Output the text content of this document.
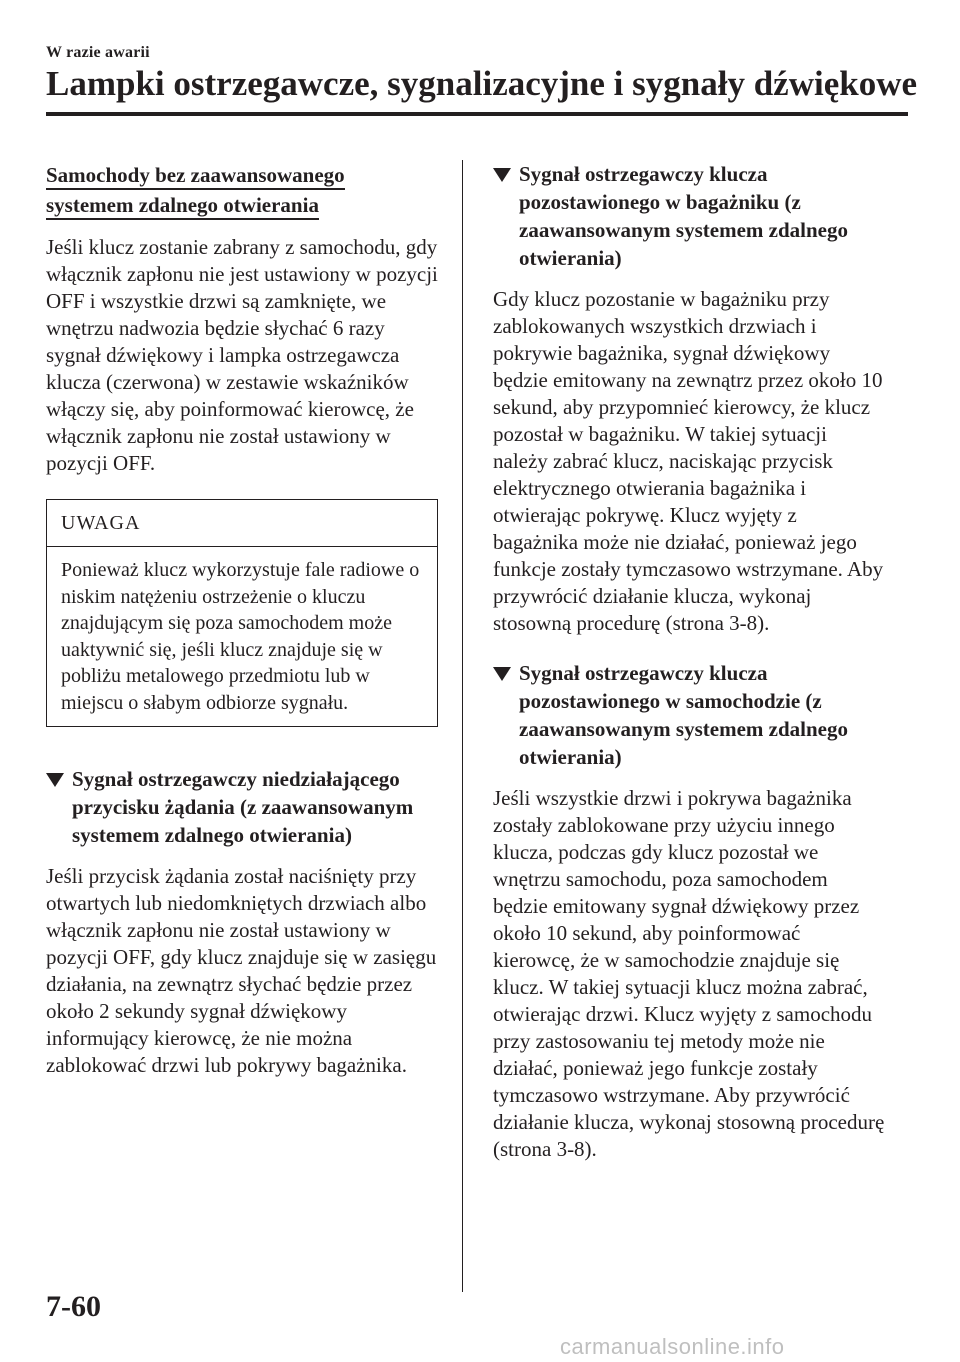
W razie awarii
Lampki ostrzegawcze, sygnalizacyjne i sygnały dźwiękowe
Samochody bez zaawansowanego
systemem zdalnego otwierania

Jeśli klucz zostanie zabrany z samochodu, gdy włącznik zapłonu nie jest ustawiony w pozycji OFF i wszystkie drzwi są zamknięte, we wnętrzu nadwozia będzie słychać 6 razy sygnał dźwiękowy i lampka ostrzegawcza klucza (czerwona) w zestawie wskaźników włączy się, aby poinformować kierowcę, że włącznik zapłonu nie został ustawiony w pozycji OFF.

UWAGA
Ponieważ klucz wykorzystuje fale radiowe o niskim natężeniu ostrzeżenie o kluczu znajdującym się poza samochodem może uaktywnić się, jeśli klucz znajduje się w pobliżu metalowego przedmiotu lub w miejscu o słabym odbiorze sygnału.
Sygnał ostrzegawczy niedziałającego przycisku żądania (z zaawansowanym systemem zdalnego otwierania)

Jeśli przycisk żądania został naciśnięty przy otwartych lub niedomkniętych drzwiach albo włącznik zapłonu nie został ustawiony w pozycji OFF, gdy klucz znajduje się w zasięgu działania, na zewnątrz słychać będzie przez około 2 sekundy sygnał dźwiękowy informujący kierowcę, że nie można zablokować drzwi lub pokrywy bagażnika.

Sygnał ostrzegawczy klucza pozostawionego w bagażniku (z zaawansowanym systemem zdalnego otwierania)

Gdy klucz pozostanie w bagażniku przy zablokowanych wszystkich drzwiach i pokrywie bagażnika, sygnał dźwiękowy będzie emitowany na zewnątrz przez około 10 sekund, aby przypomnieć kierowcy, że klucz pozostał w bagażniku. W takiej sytuacji należy zabrać klucz, naciskając przycisk elektrycznego otwierania bagażnika i otwierając pokrywę. Klucz wyjęty z bagażnika może nie działać, ponieważ jego funkcje zostały tymczasowo wstrzymane. Aby przywrócić działanie klucza, wykonaj stosowną procedurę (strona 3-8).

Sygnał ostrzegawczy klucza pozostawionego w samochodzie (z zaawansowanym systemem zdalnego otwierania)

Jeśli wszystkie drzwi i pokrywa bagażnika zostały zablokowane przy użyciu innego klucza, podczas gdy klucz pozostał we wnętrzu samochodu, poza samochodem będzie emitowany sygnał dźwiękowy przez około 10 sekund, aby poinformować kierowcę, że w samochodzie znajduje się klucz. W takiej sytuacji klucz można zabrać, otwierając drzwi. Klucz wyjęty z samochodu przy zastosowaniu tej metody może nie działać, ponieważ jego funkcje zostały tymczasowo wstrzymane. Aby przywrócić działanie klucza, wykonaj stosowną procedurę (strona 3-8).

7-60
carmanualsonline.info
